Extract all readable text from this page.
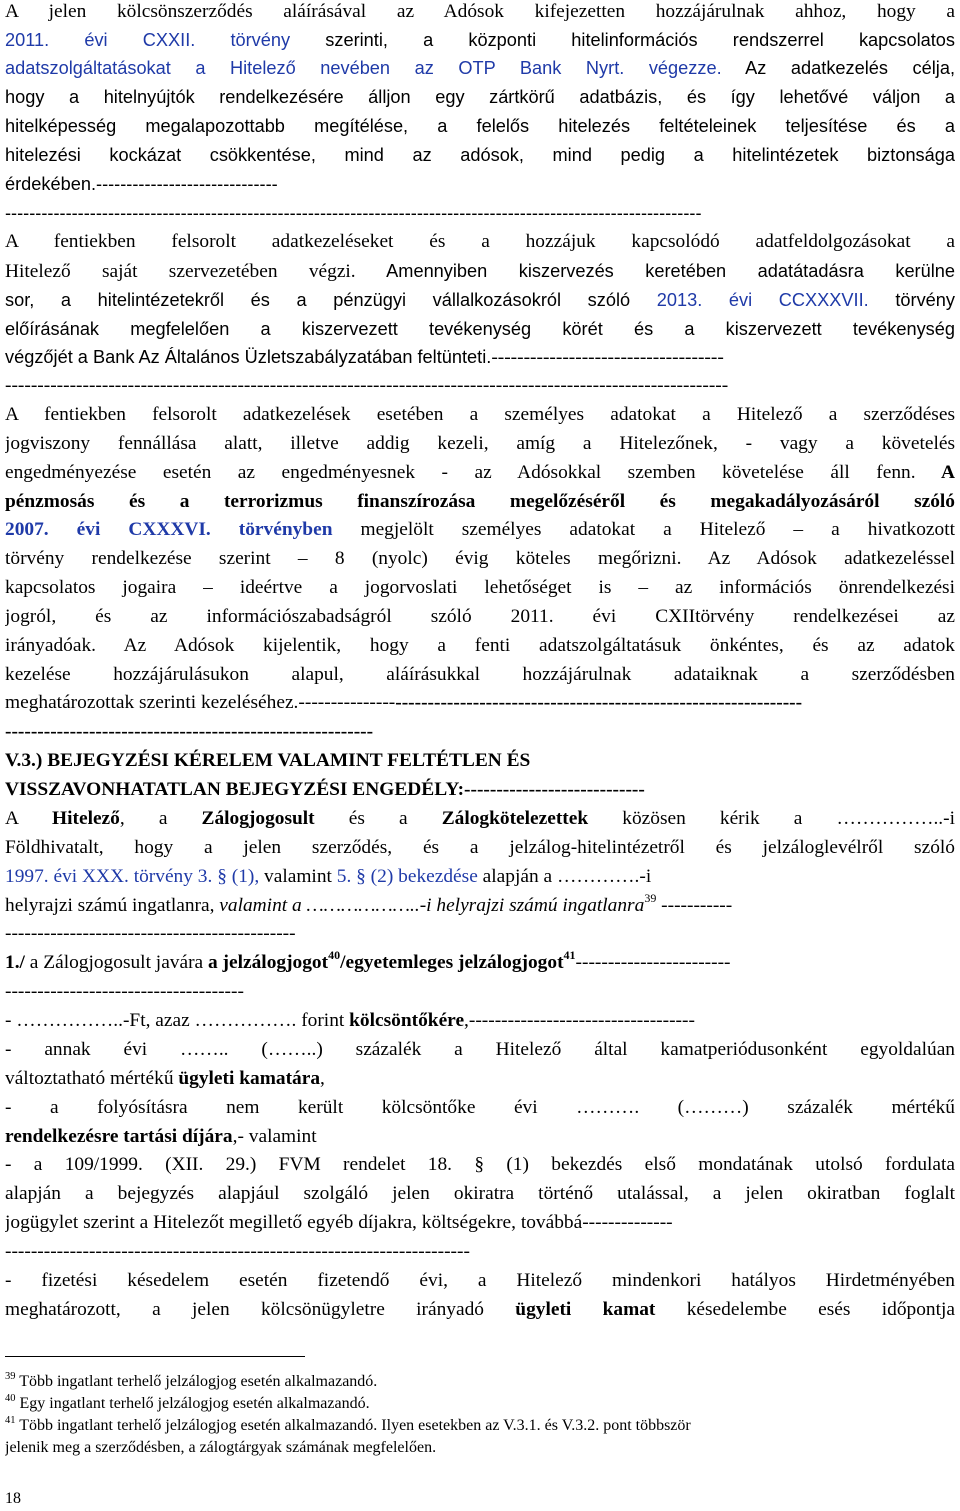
A jelen kölcsönszerződés aláírásával az Adósok kifejezetten hozzájárulnak ahhoz, hogy a

2011. évi CXXII. törvény szerinti, a központi hitelinformációs rendszerrel kapcsolatos

adatszolgáltatásokat a Hitelező nevében az OTP Bank Nyrt. végezze. Az adatkezelés célja,

hogy a hitelnyújtók rendelkezésére álljon egy zártkörű adatbázis, és így lehetővé váljon a

hitelképesség megalapozottabb megítélése, a felelős hitelezés feltételeinek teljesítése és a

hitelezési kockázat csökkentése, mind az adósok, mind pedig a hitelintézetek biztonsága

érdekében.------------------------------

-------------------------------------------------------------------------------------------------------------------

A fentiekben felsorolt adatkezeléseket és a hozzájuk kapcsolódó adatfeldolgozásokat a

Hitelező saját szervezetében végzi. Amennyiben kiszervezés keretében adatátadásra kerülne

sor, a hitelintézetekről és a pénzügyi vállalkozásokról szóló 2013. évi CCXXXVII. törvény

előírásának megfelelően a kiszervezett tevékenység körét és a kiszervezett tevékenység

végzőjét a Bank Az Általános Üzletszabályzatában feltünteti.------------------------------------

----------------------------------------------------------------------------------------------------------------

A fentiekben felsorolt adatkezelések esetében a személyes adatokat a Hitelező a szerződéses

jogviszony fennállása alatt, illetve addig kezeli, amíg a Hitelezőnek, - vagy a követelés

engedményezése esetén az engedményesnek - az Adósokkal szemben követelése áll fenn. A

pénzmosás és a terrorizmus finanszírozása megelőzéséről és megakadályozásáról szóló

2007. évi CXXXVI. törvényben megjelölt személyes adatokat a Hitelező – a hivatkozott

törvény rendelkezése szerint – 8 (nyolc) évig köteles megőrizni. Az Adósok adatkezeléssel

kapcsolatos jogaira – ideértve a jogorvoslati lehetőséget is – az információs önrendelkezési

jogról, és az információszabadságról szóló 2011. évi CXIItörvény rendelkezései az

irányadóak. Az Adósok kijelentik, hogy a fenti adatszolgáltatásuk önkéntes, és az adatok

kezelése hozzájárulásukon alapul, aláírásukkal hozzájárulnak adataiknak a szerződésben

meghatározottak szerinti kezeléséhez.------------------------------------------------------------------------------

---------------------------------------------------------

V.3.) BEJEGYZÉSI KÉRELEM VALAMINT FELTÉTLEN ÉS

VISSZAVONHATATLAN BEJEGYZÉSI ENGEDÉLY:----------------------------

A Hitelező, a Zálogjogosult és a Zálogkötelezettek közösen kérik a ……………..-i

Földhivatalt, hogy a jelen szerződés, és a jelzálog-hitelintézetről és jelzáloglevélről szóló

1997. évi XXX. törvény 3. § (1), valamint 5. § (2) bekezdése alapján a ………….-i

helyrajzi számú ingatlanra, valamint a ………………..-i helyrajzi számú ingatlanra$^{39}$ -----------

---------------------------------------------

1./ a Zálogjogosult javára a jelzálogjogot$^{40}$/egyetemleges jelzálogjogot$^{41}$------------------------

-------------------------------------

- ……………..-Ft, azaz ……………. forint kölcsöntőkére,-----------------------------------

- annak évi …….. (……..) százalék a Hitelező által kamatperiódusonként egyoldalúan

változtatható mértékű ügyleti kamatára,

- a folyósításra nem került kölcsöntőke évi ………. (………) százalék mértékű

rendelkezésre tartási díjára,- valamint

- a 109/1999. (XII. 29.) FVM rendelet 18. § (1) bekezdés első mondatának utolsó fordulata

alapján a bejegyzés alapjául szolgáló jelen okiratra történő utalással, a jelen okiratban foglalt

jogügylet szerint a Hitelezőt megillető egyéb díjakra, költségekre, továbbá--------------

------------------------------------------------------------------------

- fizetési késedelem esetén fizetendő évi, a Hitelező mindenkori hatályos Hirdetményében

meghatározott, a jelen kölcsönügyletre irányadó ügyleti kamat késedelembe esés időpontja

$^{39}$ Több ingatlant terhelő jelzálogjog esetén alkalmazandó.

$^{40}$ Egy ingatlant terhelő jelzálogjog esetén alkalmazandó.

$^{41}$ Több ingatlant terhelő jelzálogjog esetén alkalmazandó. Ilyen esetekben az V.3.1. és V.3.2. pont többször

jelenik meg a szerződésben, a zálogtárgyak számának megfelelően.

18
